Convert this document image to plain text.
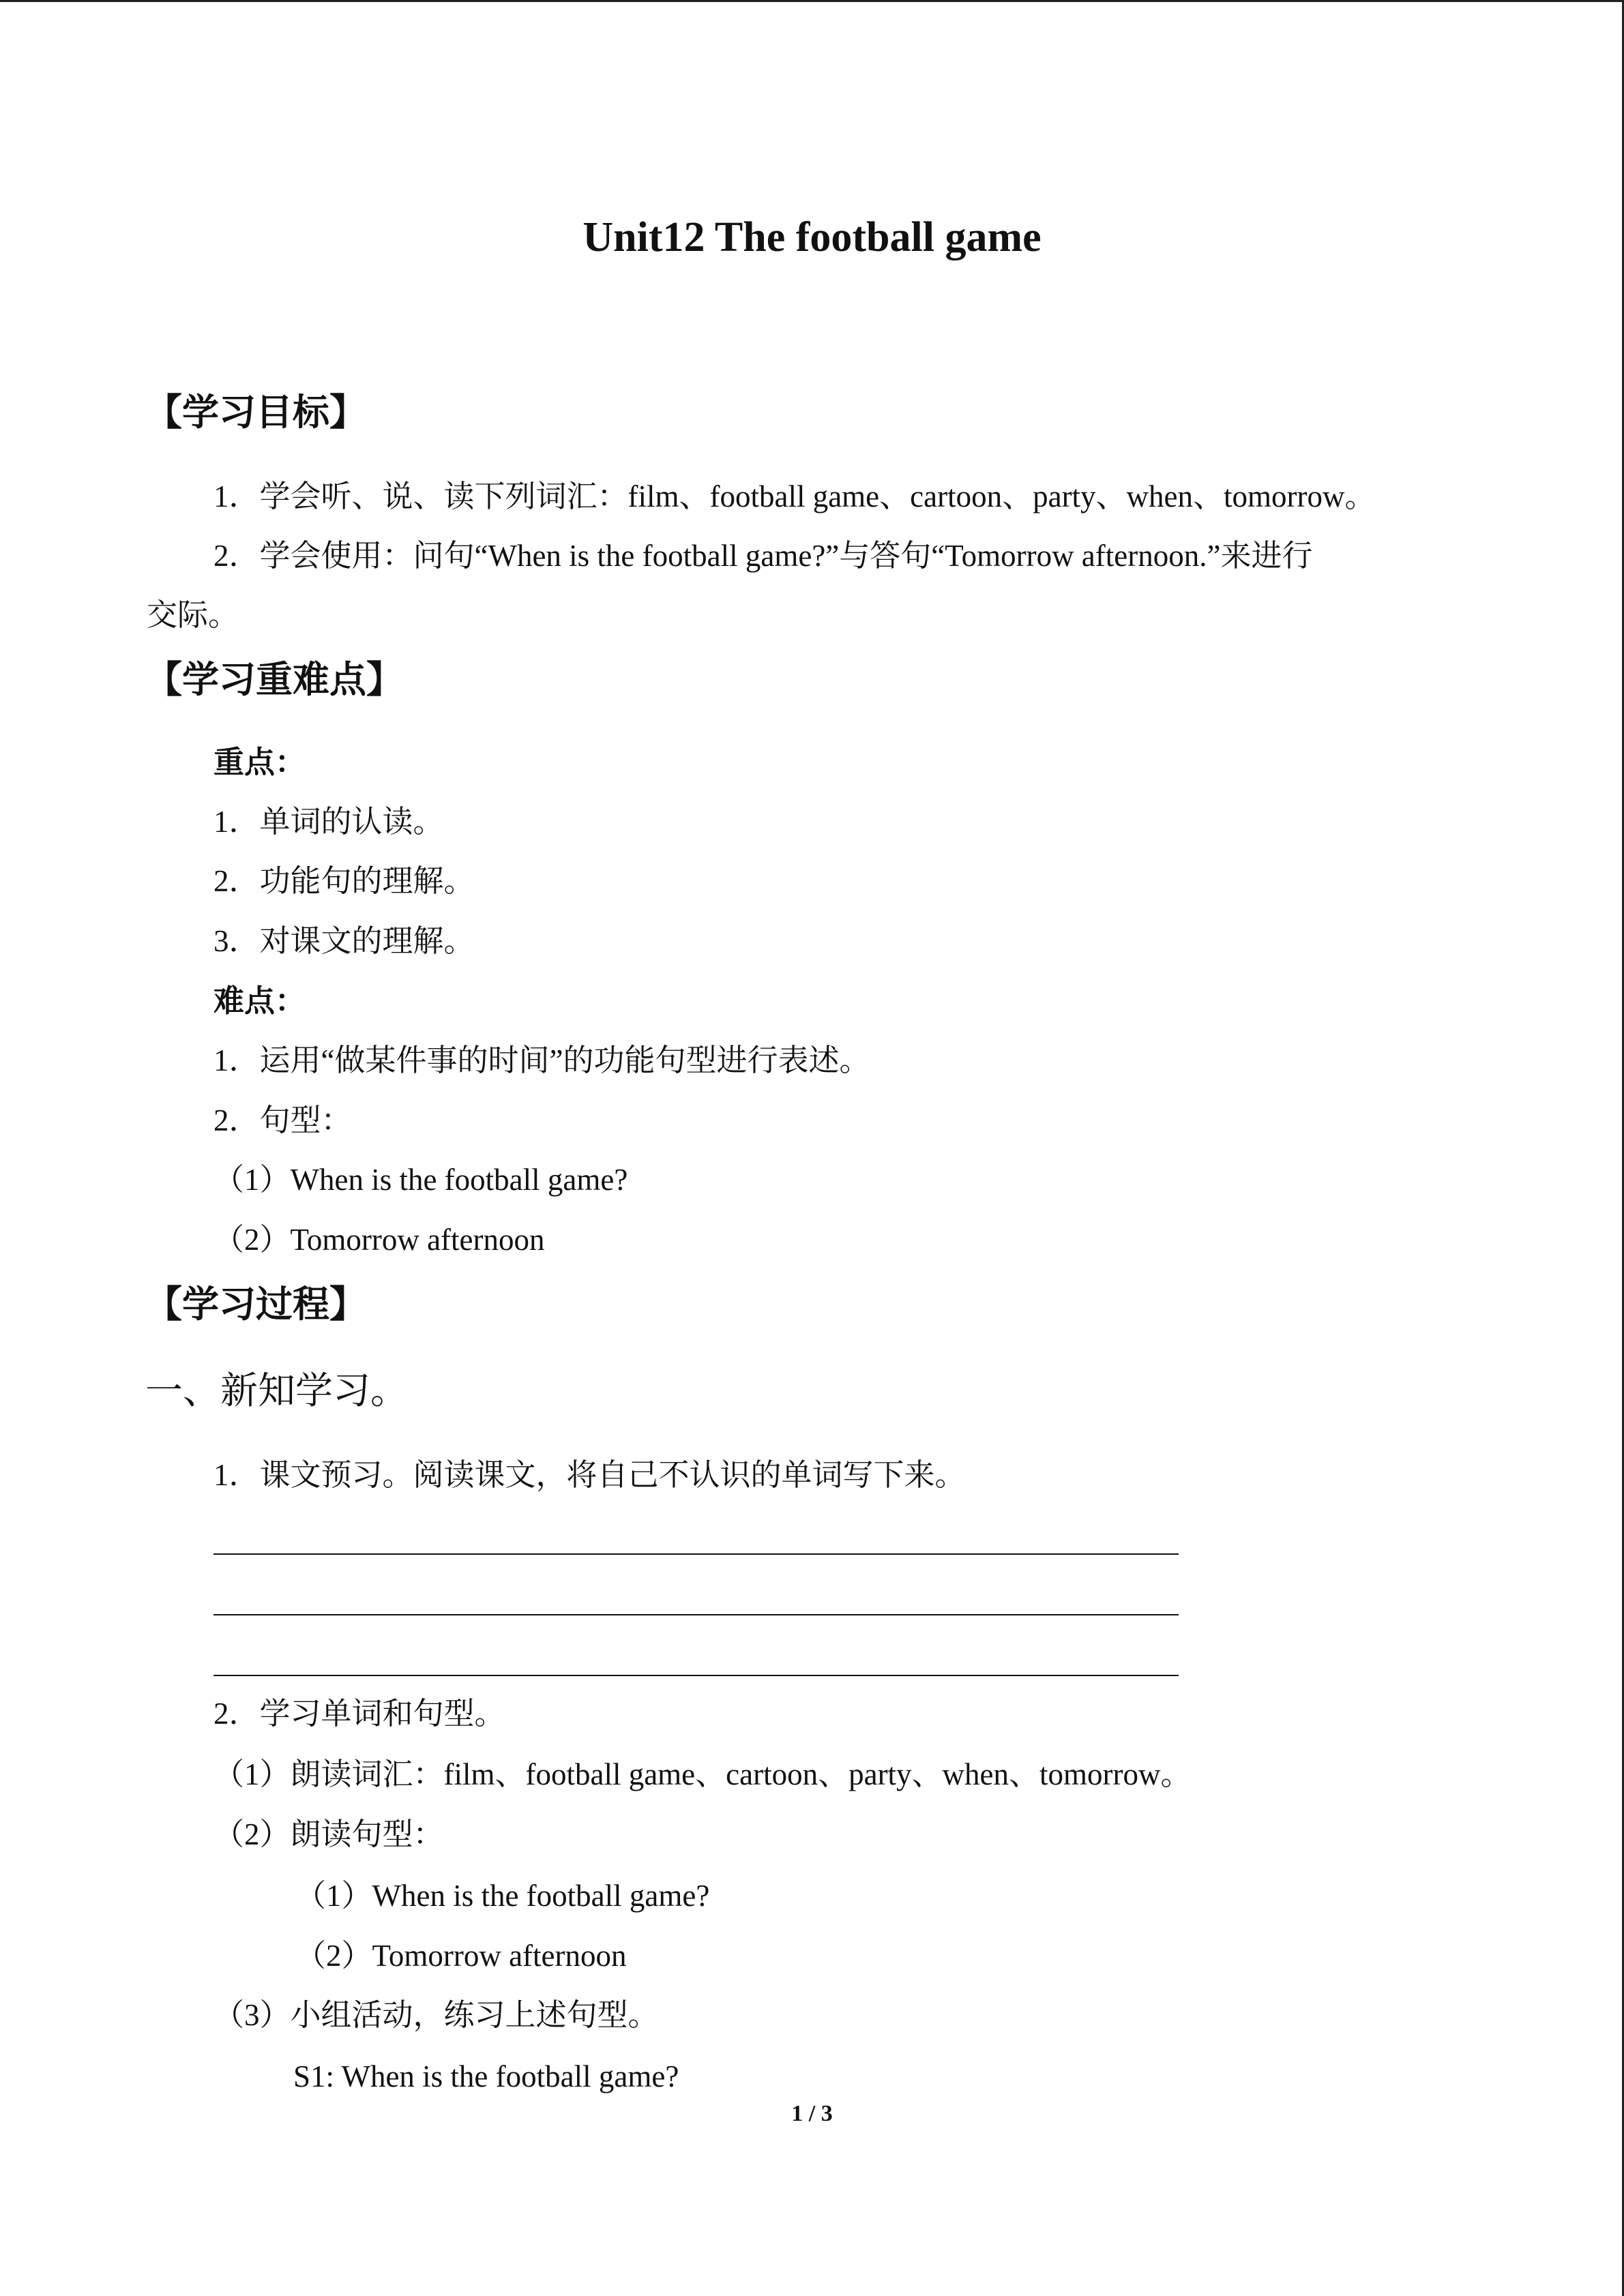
Unit12 The football game
【学习目标】
1．学会听、说、读下列词汇：film、football game、cartoon、party、when、tomorrow。
2．学会使用：问句“When is the football game?”与答句“Tomorrow afternoon.”来进行
交际。
【学习重难点】
重点：
1．单词的认读。
2．功能句的理解。
3．对课文的理解。
难点：
1．运用“做某件事的时间”的功能句型进行表述。
2．句型：
（1）When is the football game?
（2）Tomorrow afternoon
【学习过程】
一、新知学习。
1．课文预习。阅读课文，将自己不认识的单词写下来。
2．学习单词和句型。
（1）朗读词汇：film、football game、cartoon、party、when、tomorrow。
（2）朗读句型：
（1）When is the football game?
（2）Tomorrow afternoon
（3）小组活动，练习上述句型。
S1: When is the football game?
1 / 3
